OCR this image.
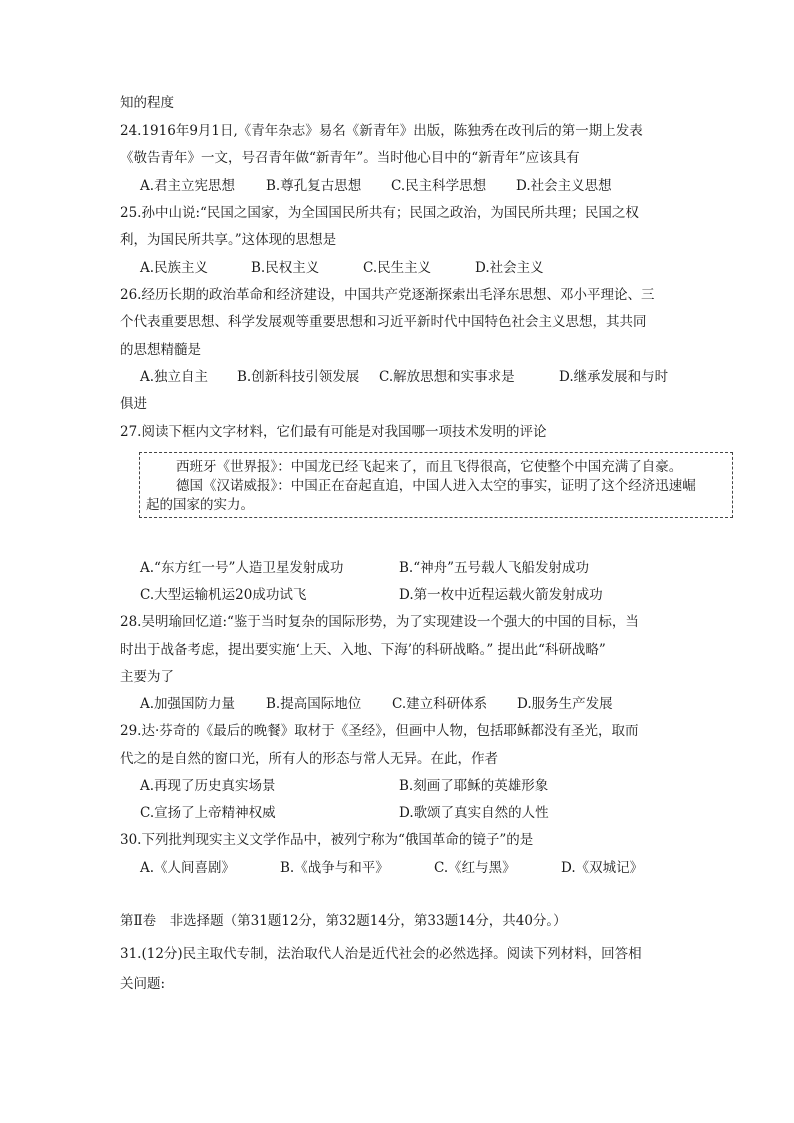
知的程度
24.1916年9月1日,《青年杂志》易名《新青年》出版，陈独秀在改刊后的第一期上发表
《敬告青年》一文，号召青年做“新青年”。当时他心目中的“新青年”应该具有
A.君主立宪思想 B.尊孔复古思想 C.民主科学思想 D.社会主义思想
25.孙中山说:“民国之国家，为全国国民所共有；民国之政治，为国民所共理；民国之权
利，为国民所共享。”这体现的思想是
A.民族主义	B.民权主义	C.民生主义	D.社会主义
26.经历长期的政治革命和经济建设，中国共产党逐渐探索出毛泽东思想、邓小平理论、三
个代表重要思想、科学发展观等重要思想和习近平新时代中国特色社会主义思想，其共同
的思想精髓是
A.独立自主 B.创新科技引领发展 C.解放思想和实事求是	D.继承发展和与时
俱进
27.阅读下框内文字材料，它们最有可能是对我国哪一项技术发明的评论
西班牙《世界报》：中国龙已经飞起来了，而且飞得很高，它使整个中国充满了自豪。
德国《汉诺威报》：中国正在奋起直追，中国人进入太空的事实，证明了这个经济迅速崛
起的国家的实力。
A.“东方红一号”人造卫星发射成功	B.“神舟”五号载人飞船发射成功
C.大型运输机运20成功试飞	D.第一枚中近程运载火箭发射成功
28.吴明瑜回忆道:“鉴于当时复杂的国际形势，为了实现建设一个强大的中国的目标，当
时出于战备考虑，提出要实施‘上天、入地、下海’的科研战略。” 提出此“科研战略”
主要为了
A.加强国防力量 B.提高国际地位 C.建立科研体系 D.服务生产发展
29.达·芬奇的《最后的晚餐》取材于《圣经》，但画中人物，包括耶稣都没有圣光，取而
代之的是自然的窗口光，所有人的形态与常人无异。在此，作者
A.再现了历史真实场景	B.刻画了耶稣的英雄形象
C.宣扬了上帝精神权威	D.歌颂了真实自然的人性
30.下列批判现实主义文学作品中，被列宁称为“俄国革命的镜子”的是
A.《人间喜剧》	B.《战争与和平》	C.《红与黑》	D.《双城记》
第Ⅱ卷　非选择题（第31题12分，第32题14分，第33题14分，共40分。）
31.(12分)民主取代专制，法治取代人治是近代社会的必然选择。阅读下列材料，回答相
关问题:
